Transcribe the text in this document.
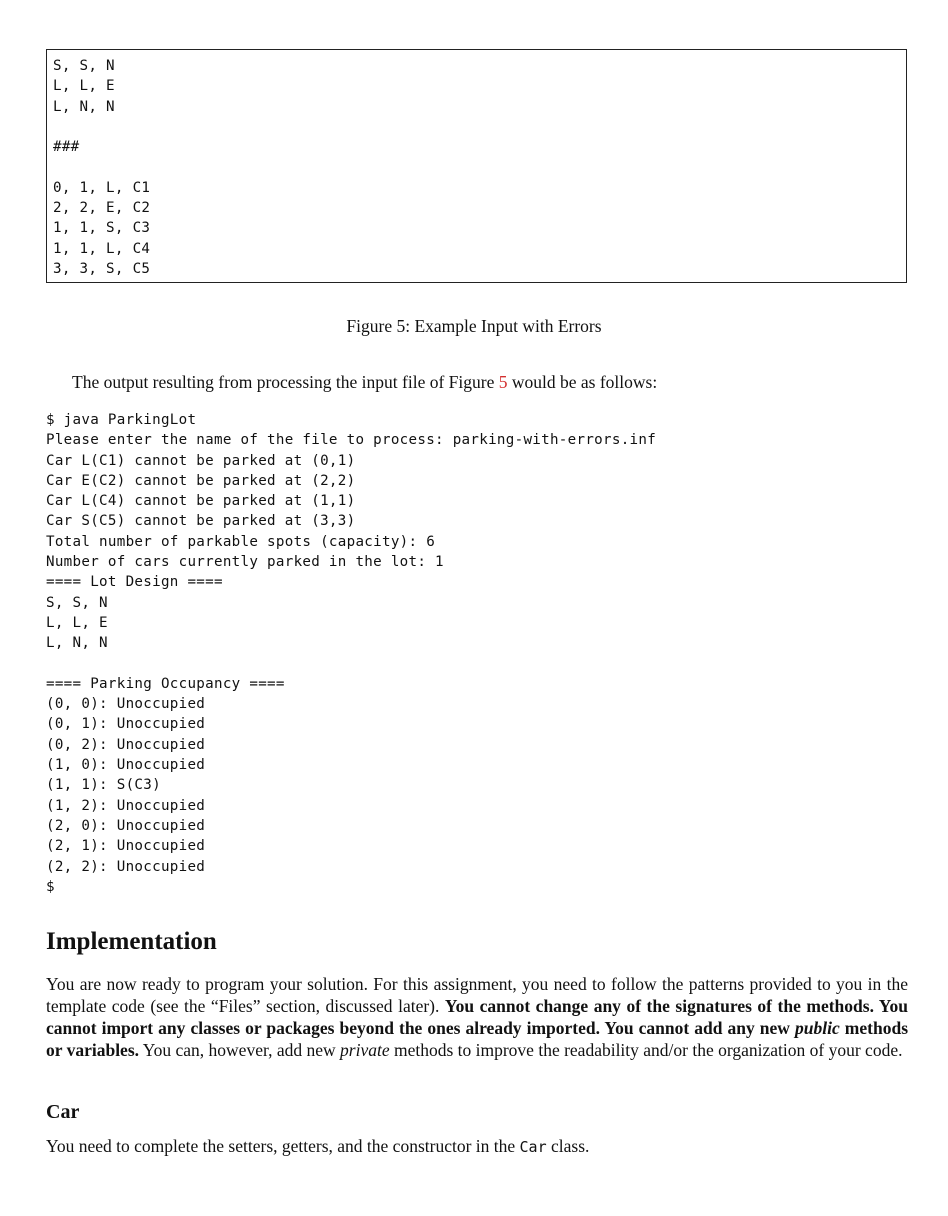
S, S, N
L, L, E
L, N, N

###

0, 1, L, C1
2, 2, E, C2
1, 1, S, C3
1, 1, L, C4
3, 3, S, C5
Figure 5: Example Input with Errors
The output resulting from processing the input file of Figure 5 would be as follows:
$ java ParkingLot
Please enter the name of the file to process: parking-with-errors.inf
Car L(C1) cannot be parked at (0,1)
Car E(C2) cannot be parked at (2,2)
Car L(C4) cannot be parked at (1,1)
Car S(C5) cannot be parked at (3,3)
Total number of parkable spots (capacity): 6
Number of cars currently parked in the lot: 1
==== Lot Design ====
S, S, N
L, L, E
L, N, N

==== Parking Occupancy ====
(0, 0): Unoccupied
(0, 1): Unoccupied
(0, 2): Unoccupied
(1, 0): Unoccupied
(1, 1): S(C3)
(1, 2): Unoccupied
(2, 0): Unoccupied
(2, 1): Unoccupied
(2, 2): Unoccupied
$
Implementation
You are now ready to program your solution. For this assignment, you need to follow the patterns provided to you in the template code (see the “Files” section, discussed later). You cannot change any of the signatures of the methods. You cannot import any classes or packages beyond the ones already imported. You cannot add any new public methods or variables. You can, however, add new private methods to improve the readability and/or the organization of your code.
Car
You need to complete the setters, getters, and the constructor in the Car class.
